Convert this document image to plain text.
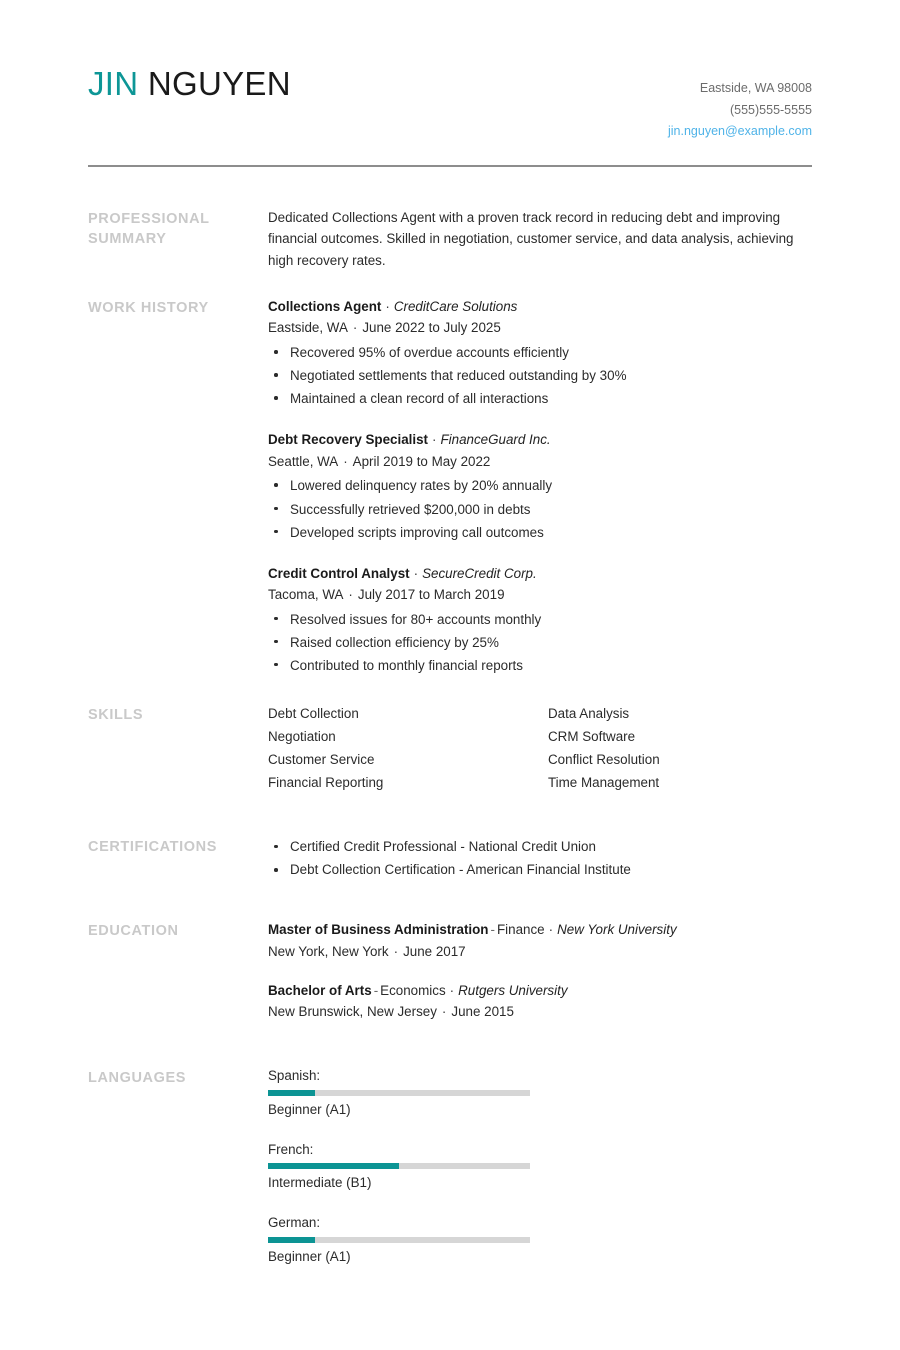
JIN NGUYEN	Eastside, WA 98008
(555)555-5555
jin.nguyen@example.com
PROFESSIONAL SUMMARY
Dedicated Collections Agent with a proven track record in reducing debt and improving financial outcomes. Skilled in negotiation, customer service, and data analysis, achieving high recovery rates.
WORK HISTORY	Collections Agent · CreditCare Solutions
Eastside, WA · June 2022 to July 2025
Recovered 95% of overdue accounts efficiently
Negotiated settlements that reduced outstanding by 30%
Maintained a clean record of all interactions
Debt Recovery Specialist · FinanceGuard Inc.
Seattle, WA · April 2019 to May 2022
Lowered delinquency rates by 20% annually
Successfully retrieved $200,000 in debts
Developed scripts improving call outcomes
Credit Control Analyst · SecureCredit Corp.
Tacoma, WA · July 2017 to March 2019
Resolved issues for 80+ accounts monthly
Raised collection efficiency by 25%
Contributed to monthly financial reports
SKILLS	Debt Collection
Negotiation
Customer Service
Financial Reporting
Data Analysis
CRM Software
Conflict Resolution
Time Management
CERTIFICATIONS	Certified Credit Professional - National Credit Union
Debt Collection Certification - American Financial Institute
EDUCATION	Master of Business Administration - Finance · New York University
New York, New York · June 2017
Bachelor of Arts - Economics · Rutgers University
New Brunswick, New Jersey · June 2015
LANGUAGES	Spanish:
Beginner (A1)
French:
Intermediate (B1)
German:
Beginner (A1)
